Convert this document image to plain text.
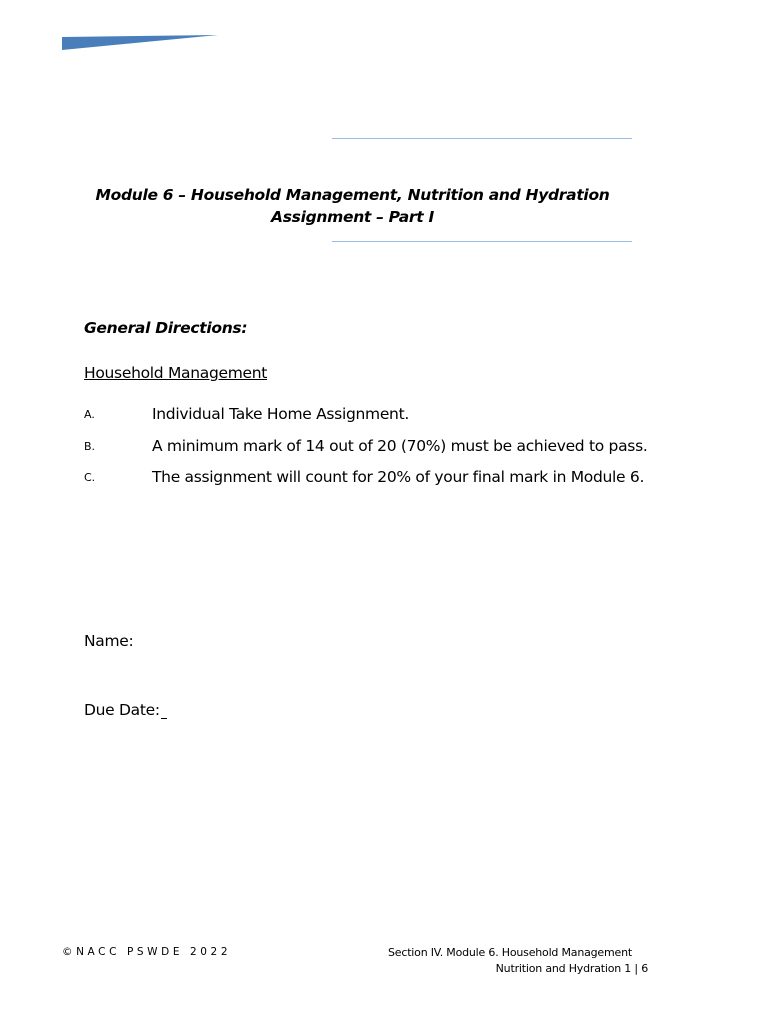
Module 6 – Household Management, Nutrition and Hydration
Assignment – Part I
General Directions:
Household Management
A.	Individual Take Home Assignment.
B.	A minimum mark of 14 out of 20 (70%) must be achieved to pass.
C.	The assignment will count for 20% of your final mark in Module 6.
Name:
Due Date:
©NACC PSWDE 2022	Section IV. Module 6. Household Management
Nutrition and Hydration 1 | 6
